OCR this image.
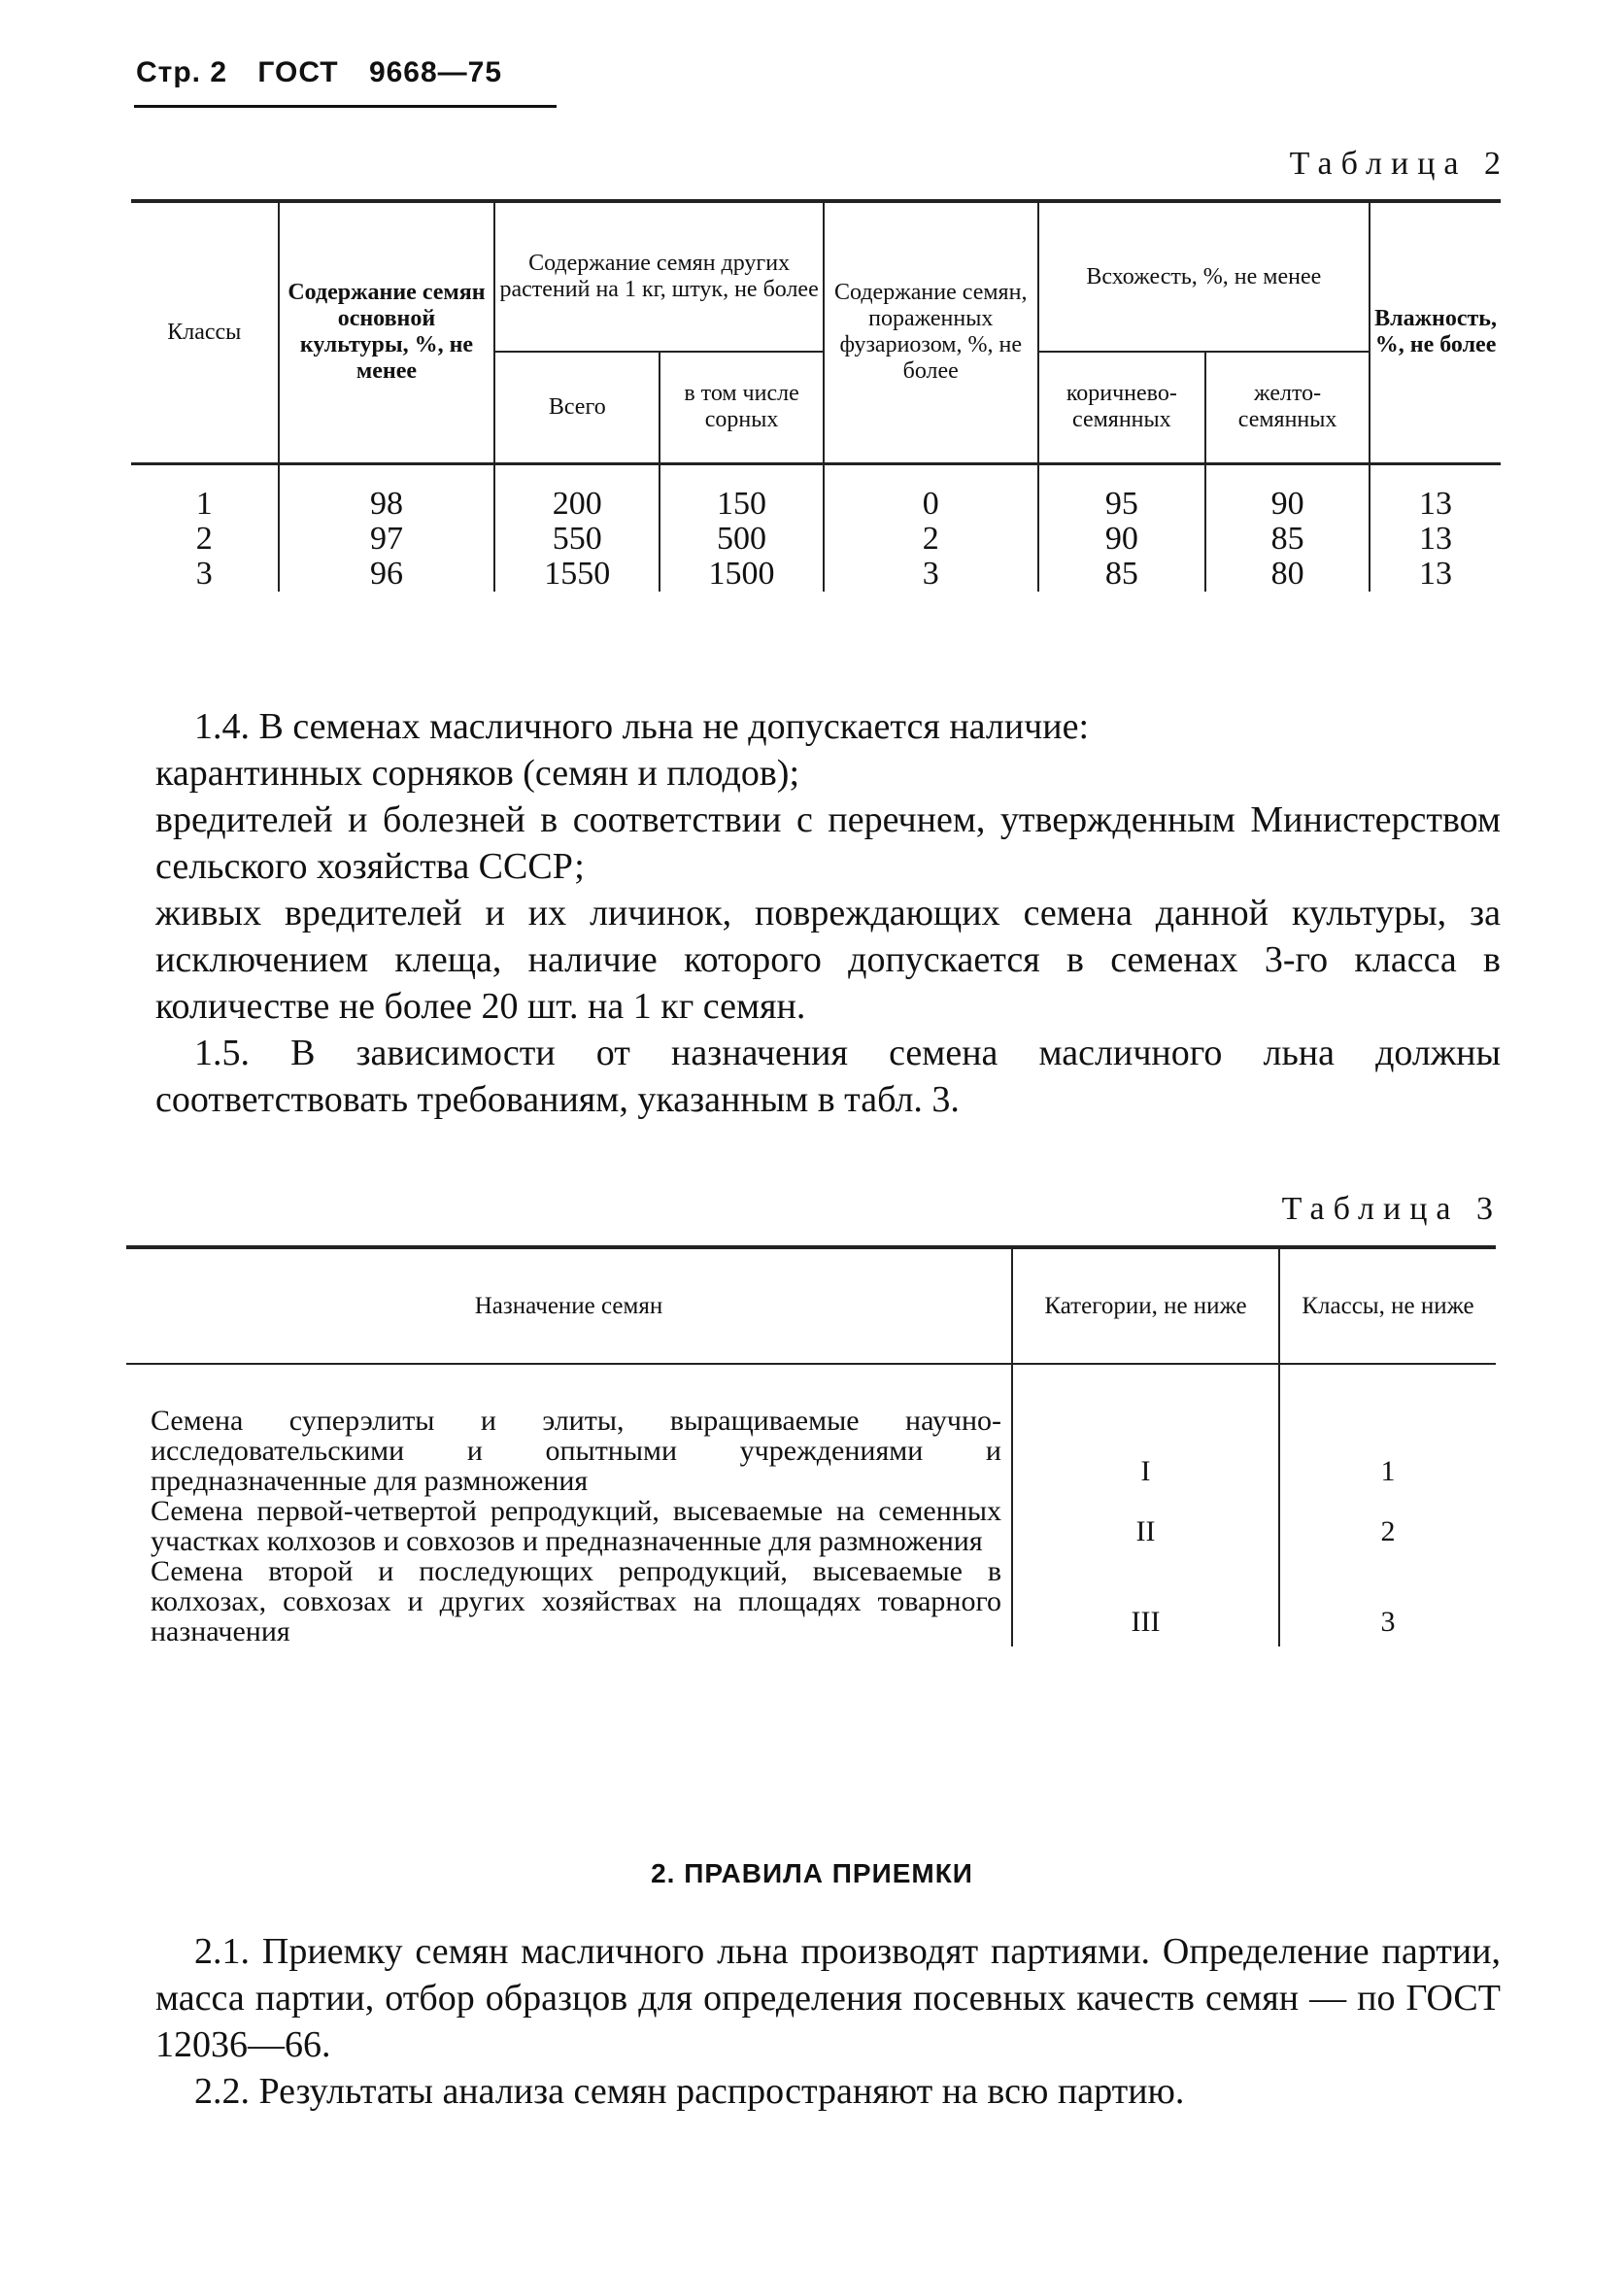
Стр. 2 ГОСТ 9668—75
Таблица 2
Классы	Содержание семян основной культуры, %, не менее	Содержание семян других растений на 1 кг, штук, не более		Содержание семян, пораженных фузариозом, %, не более	Всхожесть, %, не менее		Влажность, %, не более
		Всего	в том числе сорных		коричнево-семянных	желто-семянных	
1	98	200	150	0	95	90	13
2	97	550	500	2	90	85	13
3	96	1550	1500	3	85	80	13

1.4. В семенах масличного льна не допускается наличие:

карантинных сорняков (семян и плодов);

вредителей и болезней в соответствии с перечнем, утвержденным Министерством сельского хозяйства СССР;

живых вредителей и их личинок, повреждающих семена данной культуры, за исключением клеща, наличие которого допускается в семенах 3-го класса в количестве не более 20 шт. на 1 кг семян.

1.5. В зависимости от назначения семена масличного льна должны соответствовать требованиям, указанным в табл. 3.

Таблица 3
Назначение семян	Категории, не ниже	Классы, не ниже
Семена суперэлиты и элиты, выращиваемые научно-исследовательскими и опытными учреждениями и предназначенные для размножения	I	1
Семена первой-четвертой репродукций, высеваемые на семенных участках колхозов и совхозов и предназначенные для размножения	II	2
Семена второй и последующих репродукций, высеваемые в колхозах, совхозах и других хозяйствах на площадях товарного назначения	III	3
2. ПРАВИЛА ПРИЕМКИ

2.1. Приемку семян масличного льна производят партиями. Определение партии, масса партии, отбор образцов для определения посевных качеств семян — по ГОСТ 12036—66.

2.2. Результаты анализа семян распространяют на всю партию.
